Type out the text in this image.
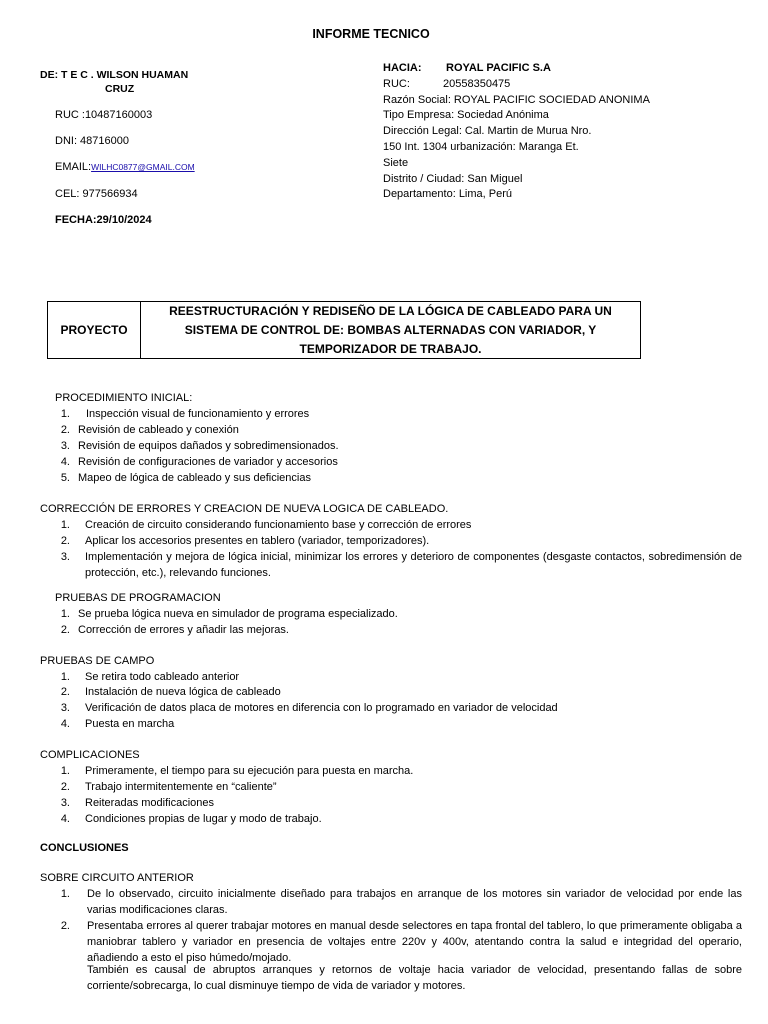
INFORME TECNICO
DE: T E C . WILSON HUAMAN
CRUZ
RUC :10487160003
DNI: 48716000
EMAIL:WILHC0877@GMAIL.COM
CEL: 977566934
FECHA:29/10/2024
HACIA: ROYAL PACIFIC S.A
RUC:	20558350475
Razón Social: ROYAL PACIFIC SOCIEDAD ANONIMA
Tipo Empresa: Sociedad Anónima
Dirección Legal: Cal. Martin de Murua Nro.
150 Int. 1304 urbanización: Maranga Et.
Siete
Distrito / Ciudad: San Miguel
Departamento: Lima, Perú
PROYECTO
REESTRUCTURACIÓN Y REDISEÑO DE LA LÓGICA DE CABLEADO PARA UN
SISTEMA DE CONTROL DE: BOMBAS ALTERNADAS CON VARIADOR, Y
TEMPORIZADOR DE TRABAJO.
PROCEDIMIENTO INICIAL:
1. Inspección visual de funcionamiento y errores
2. Revisión de cableado y conexión
3. Revisión de equipos dañados y sobredimensionados.
4. Revisión de configuraciones de variador y accesorios
5. Mapeo de lógica de cableado y sus deficiencias
CORRECCIÓN DE ERRORES Y CREACION DE NUEVA LOGICA DE CABLEADO.
1. Creación de circuito considerando funcionamiento base y corrección de errores
2. Aplicar los accesorios presentes en tablero (variador, temporizadores).
3. Implementación y mejora de lógica inicial, minimizar los errores y deterioro de componentes (desgaste contactos, sobredimensión de protección, etc.), relevando funciones.
PRUEBAS DE PROGRAMACION
1. Se prueba lógica nueva en simulador de programa especializado.
2. Corrección de errores y añadir las mejoras.
PRUEBAS DE CAMPO
1. Se retira todo cableado anterior
2. Instalación de nueva lógica de cableado
3. Verificación de datos placa de motores en diferencia con lo programado en variador de velocidad
4. Puesta en marcha
COMPLICACIONES
1. Primeramente, el tiempo para su ejecución para puesta en marcha.
2. Trabajo intermitentemente en “caliente”
3. Reiteradas modificaciones
4. Condiciones propias de lugar y modo de trabajo.
CONCLUSIONES
SOBRE CIRCUITO ANTERIOR
1. De lo observado, circuito inicialmente diseñado para trabajos en arranque de los motores sin variador de velocidad por ende las varias modificaciones claras.
2. Presentaba errores al querer trabajar motores en manual desde selectores en tapa frontal del tablero, lo que primeramente obligaba a maniobrar tablero y variador en presencia de voltajes entre 220v y 400v, atentando contra la salud e integridad del operario, añadiendo a esto el piso húmedo/mojado.
También es causal de abruptos arranques y retornos de voltaje hacia variador de velocidad, presentando fallas de sobre corriente/sobrecarga, lo cual disminuye tiempo de vida de variador y motores.
